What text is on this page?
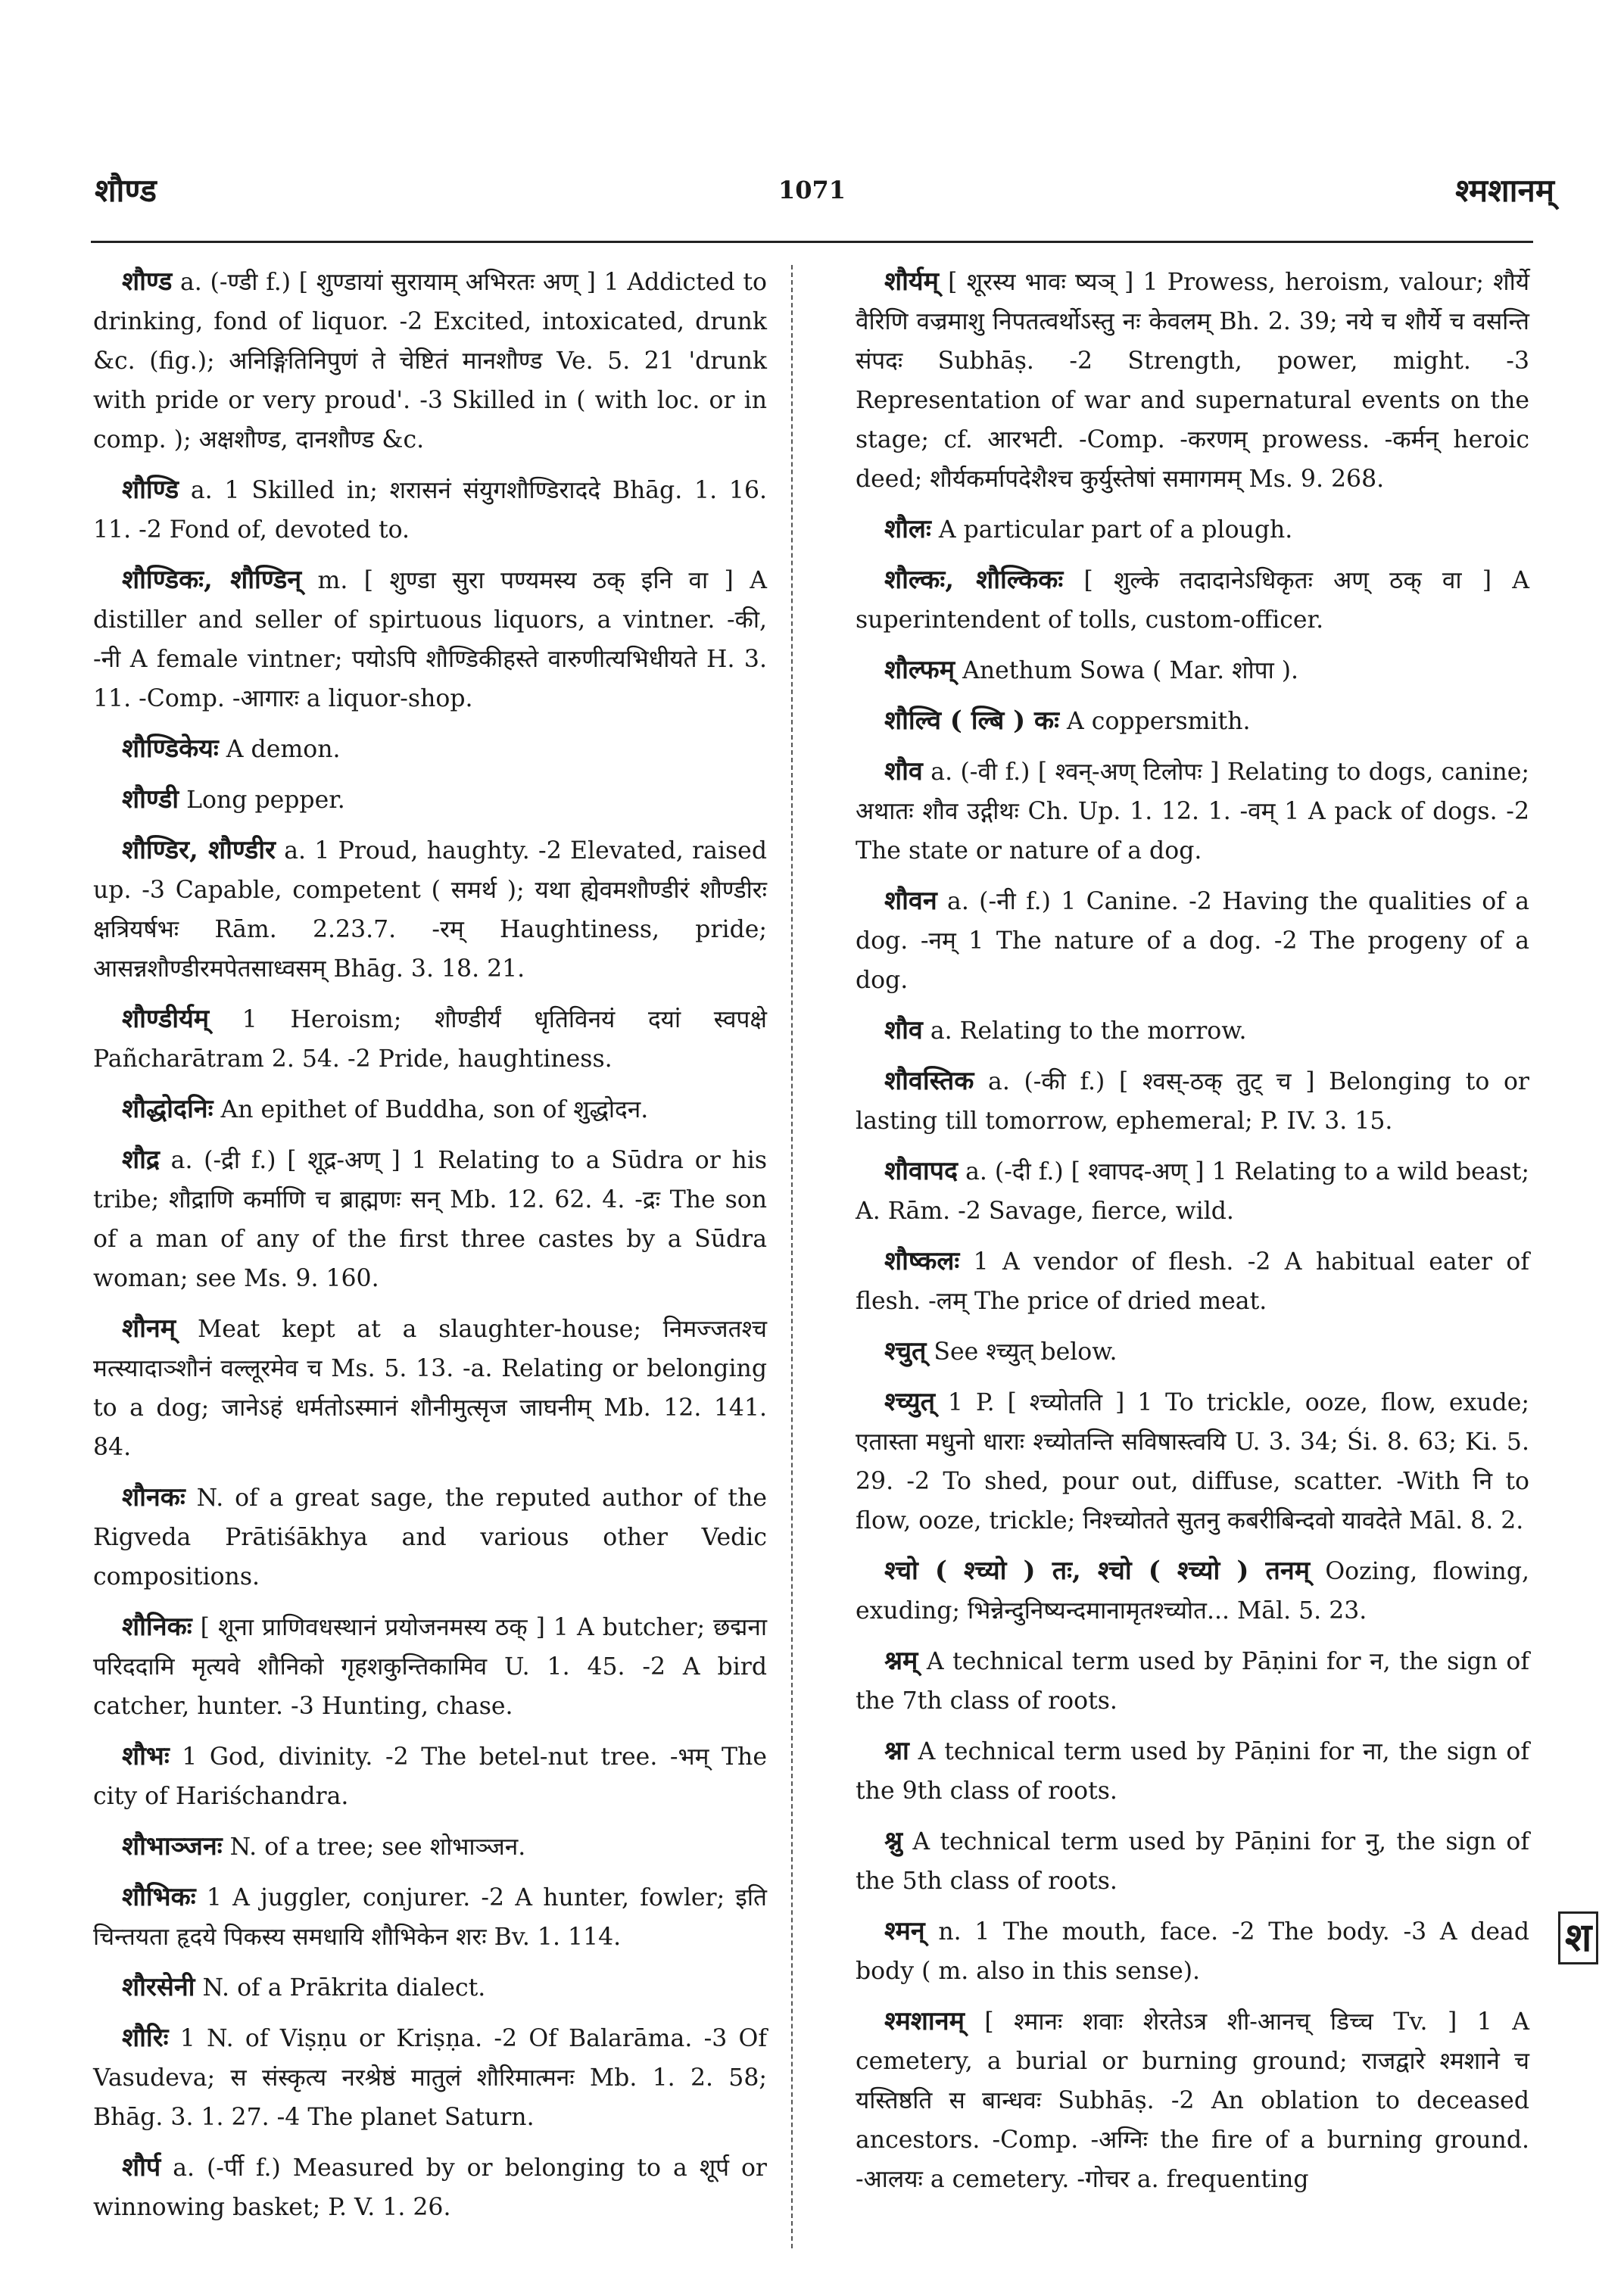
शौण्ड	1071	श्मशानम्

शौण्ड a. (-ण्डी f.) [ शुण्डायां सुरायाम् अभिरतः अण् ] 1 Addicted to drinking, fond of liquor. -2 Excited, intoxicated, drunk &c. (fig.); अनिङ्गितिनिपुणं ते चेष्टितं मानशौण्ड Ve. 5. 21 'drunk with pride or very proud'. -3 Skilled in ( with loc. or in comp. ); अक्षशौण्ड, दानशौण्ड &c.

शौण्डि a. 1 Skilled in; शरासनं संयुगशौण्डिराददे Bhāg. 1. 16. 11. -2 Fond of, devoted to.

शौण्डिकः, शौण्डिन् m. [ शुण्डा सुरा पण्यमस्य ठक् इनि वा ] A distiller and seller of spirtuous liquors, a vintner. -की, -नी A female vintner; पयोऽपि शौण्डिकीहस्ते वारुणीत्यभिधीयते H. 3. 11. -Comp. -आगारः a liquor-shop.

शौण्डिकेयः A demon.

शौण्डी Long pepper.

शौण्डिर, शौण्डीर a. 1 Proud, haughty. -2 Elevated, raised up. -3 Capable, competent ( समर्थ ); यथा ह्येवमशौण्डीरं शौण्डीरः क्षत्रियर्षभः Rām. 2.23.7. -रम् Haughtiness, pride; आसन्नशौण्डीरमपेतसाध्वसम् Bhāg. 3. 18. 21.

शौण्डीर्यम् 1 Heroism; शौण्डीर्यं धृतिविनयं दयां स्वपक्षे Pañcharātram 2. 54. -2 Pride, haughtiness.

शौद्धोदनिः An epithet of Buddha, son of शुद्धोदन.

शौद्र a. (-द्री f.) [ शूद्र-अण् ] 1 Relating to a Sūdra or his tribe; शौद्राणि कर्माणि च ब्राह्मणः सन् Mb. 12. 62. 4. -द्रः The son of a man of any of the first three castes by a Sūdra woman; see Ms. 9. 160.

शौनम् Meat kept at a slaughter-house; निमज्जतश्च मत्स्यादाञ्शौनं वल्लूरमेव च Ms. 5. 13. -a. Relating or belonging to a dog; जानेऽहं धर्मतोऽस्मानं शौनीमुत्सृज जाघनीम् Mb. 12. 141. 84.

शौनकः N. of a great sage, the reputed author of the Rigveda Prātiśākhya and various other Vedic compositions.

शौनिकः [ शूना प्राणिवधस्थानं प्रयोजनमस्य ठक् ] 1 A butcher; छद्मना परिददामि मृत्यवे शौनिको गृहशकुन्तिकामिव U. 1. 45. -2 A bird catcher, hunter. -3 Hunting, chase.

शौभः 1 God, divinity. -2 The betel-nut tree. -भम् The city of Hariśchandra.

शौभाञ्जनः N. of a tree; see शोभाञ्जन.

शौभिकः 1 A juggler, conjurer. -2 A hunter, fowler; इति चिन्तयता हृदये पिकस्य समधायि शौभिकेन शरः Bv. 1. 114.

शौरसेनी N. of a Prākrita dialect.

शौरिः 1 N. of Viṣṇu or Kriṣṇa. -2 Of Balarāma. -3 Of Vasudeva; स संस्कृत्य नरश्रेष्ठं मातुलं शौरिमात्मनः Mb. 1. 2. 58; Bhāg. 3. 1. 27. -4 The planet Saturn.

शौर्प a. (-र्पी f.) Measured by or belonging to a शूर्प or winnowing basket; P. V. 1. 26.

शौर्यम् [ शूरस्य भावः ष्यञ् ] 1 Prowess, heroism, valour; शौर्ये वैरिणि वज्रमाशु निपतत्वर्थोऽस्तु नः केवलम् Bh. 2. 39; नये च शौर्ये च वसन्ति संपदः Subhāṣ. -2 Strength, power, might. -3 Representation of war and supernatural events on the stage; cf. आरभटी. -Comp. -करणम् prowess. -कर्मन् heroic deed; शौर्यकर्मापदेशैश्च कुर्युस्तेषां समागमम् Ms. 9. 268.

शौलः A particular part of a plough.

शौल्कः, शौल्किकः [ शुल्के तदादानेऽधिकृतः अण् ठक् वा ] A superintendent of tolls, custom-officer.

शौल्फम् Anethum Sowa ( Mar. शोपा ).

शौल्वि ( ल्बि ) कः A coppersmith.

शौव a. (-वी f.) [ श्वन्-अण् टिलोपः ] Relating to dogs, canine; अथातः शौव उद्गीथः Ch. Up. 1. 12. 1. -वम् 1 A pack of dogs. -2 The state or nature of a dog.

शौवन a. (-नी f.) 1 Canine. -2 Having the qualities of a dog. -नम् 1 The nature of a dog. -2 The progeny of a dog.

शौव a. Relating to the morrow.

शौवस्तिक a. (-की f.) [ श्वस्-ठक् तुट् च ] Belonging to or lasting till tomorrow, ephemeral; P. IV. 3. 15.

शौवापद a. (-दी f.) [ श्वापद-अण् ] 1 Relating to a wild beast; A. Rām. -2 Savage, fierce, wild.

शौष्कलः 1 A vendor of flesh. -2 A habitual eater of flesh. -लम् The price of dried meat.

श्चुत् See श्च्युत् below.

श्च्युत् 1 P. [ श्च्योतति ] 1 To trickle, ooze, flow, exude; एतास्ता मधुनो धाराः श्च्योतन्ति सविषास्त्वयि U. 3. 34; Śi. 8. 63; Ki. 5. 29. -2 To shed, pour out, diffuse, scatter. -With नि to flow, ooze, trickle; निश्च्योतते सुतनु कबरीबिन्दवो यावदेते Māl. 8. 2.

श्चो ( श्च्यो ) तः, श्चो ( श्च्यो ) तनम् Oozing, flowing, exuding; भिन्नेन्दुनिष्यन्दमानामृतश्च्योत... Māl. 5. 23.

श्नम् A technical term used by Pāṇini for न, the sign of the 7th class of roots.

श्ना A technical term used by Pāṇini for ना, the sign of the 9th class of roots.

श्नु A technical term used by Pāṇini for नु, the sign of the 5th class of roots.

श्मन् n. 1 The mouth, face. -2 The body. -3 A dead body ( m. also in this sense).

श्मशानम् [ श्मानः शवाः शेरतेऽत्र शी-आनच् डिच्च Tv. ] 1 A cemetery, a burial or burning ground; राजद्वारे श्मशाने च यस्तिष्ठति स बान्धवः Subhāṣ. -2 An oblation to deceased ancestors. -Comp. -अग्निः the fire of a burning ground. -आलयः a cemetery. -गोचर a. frequenting

श
